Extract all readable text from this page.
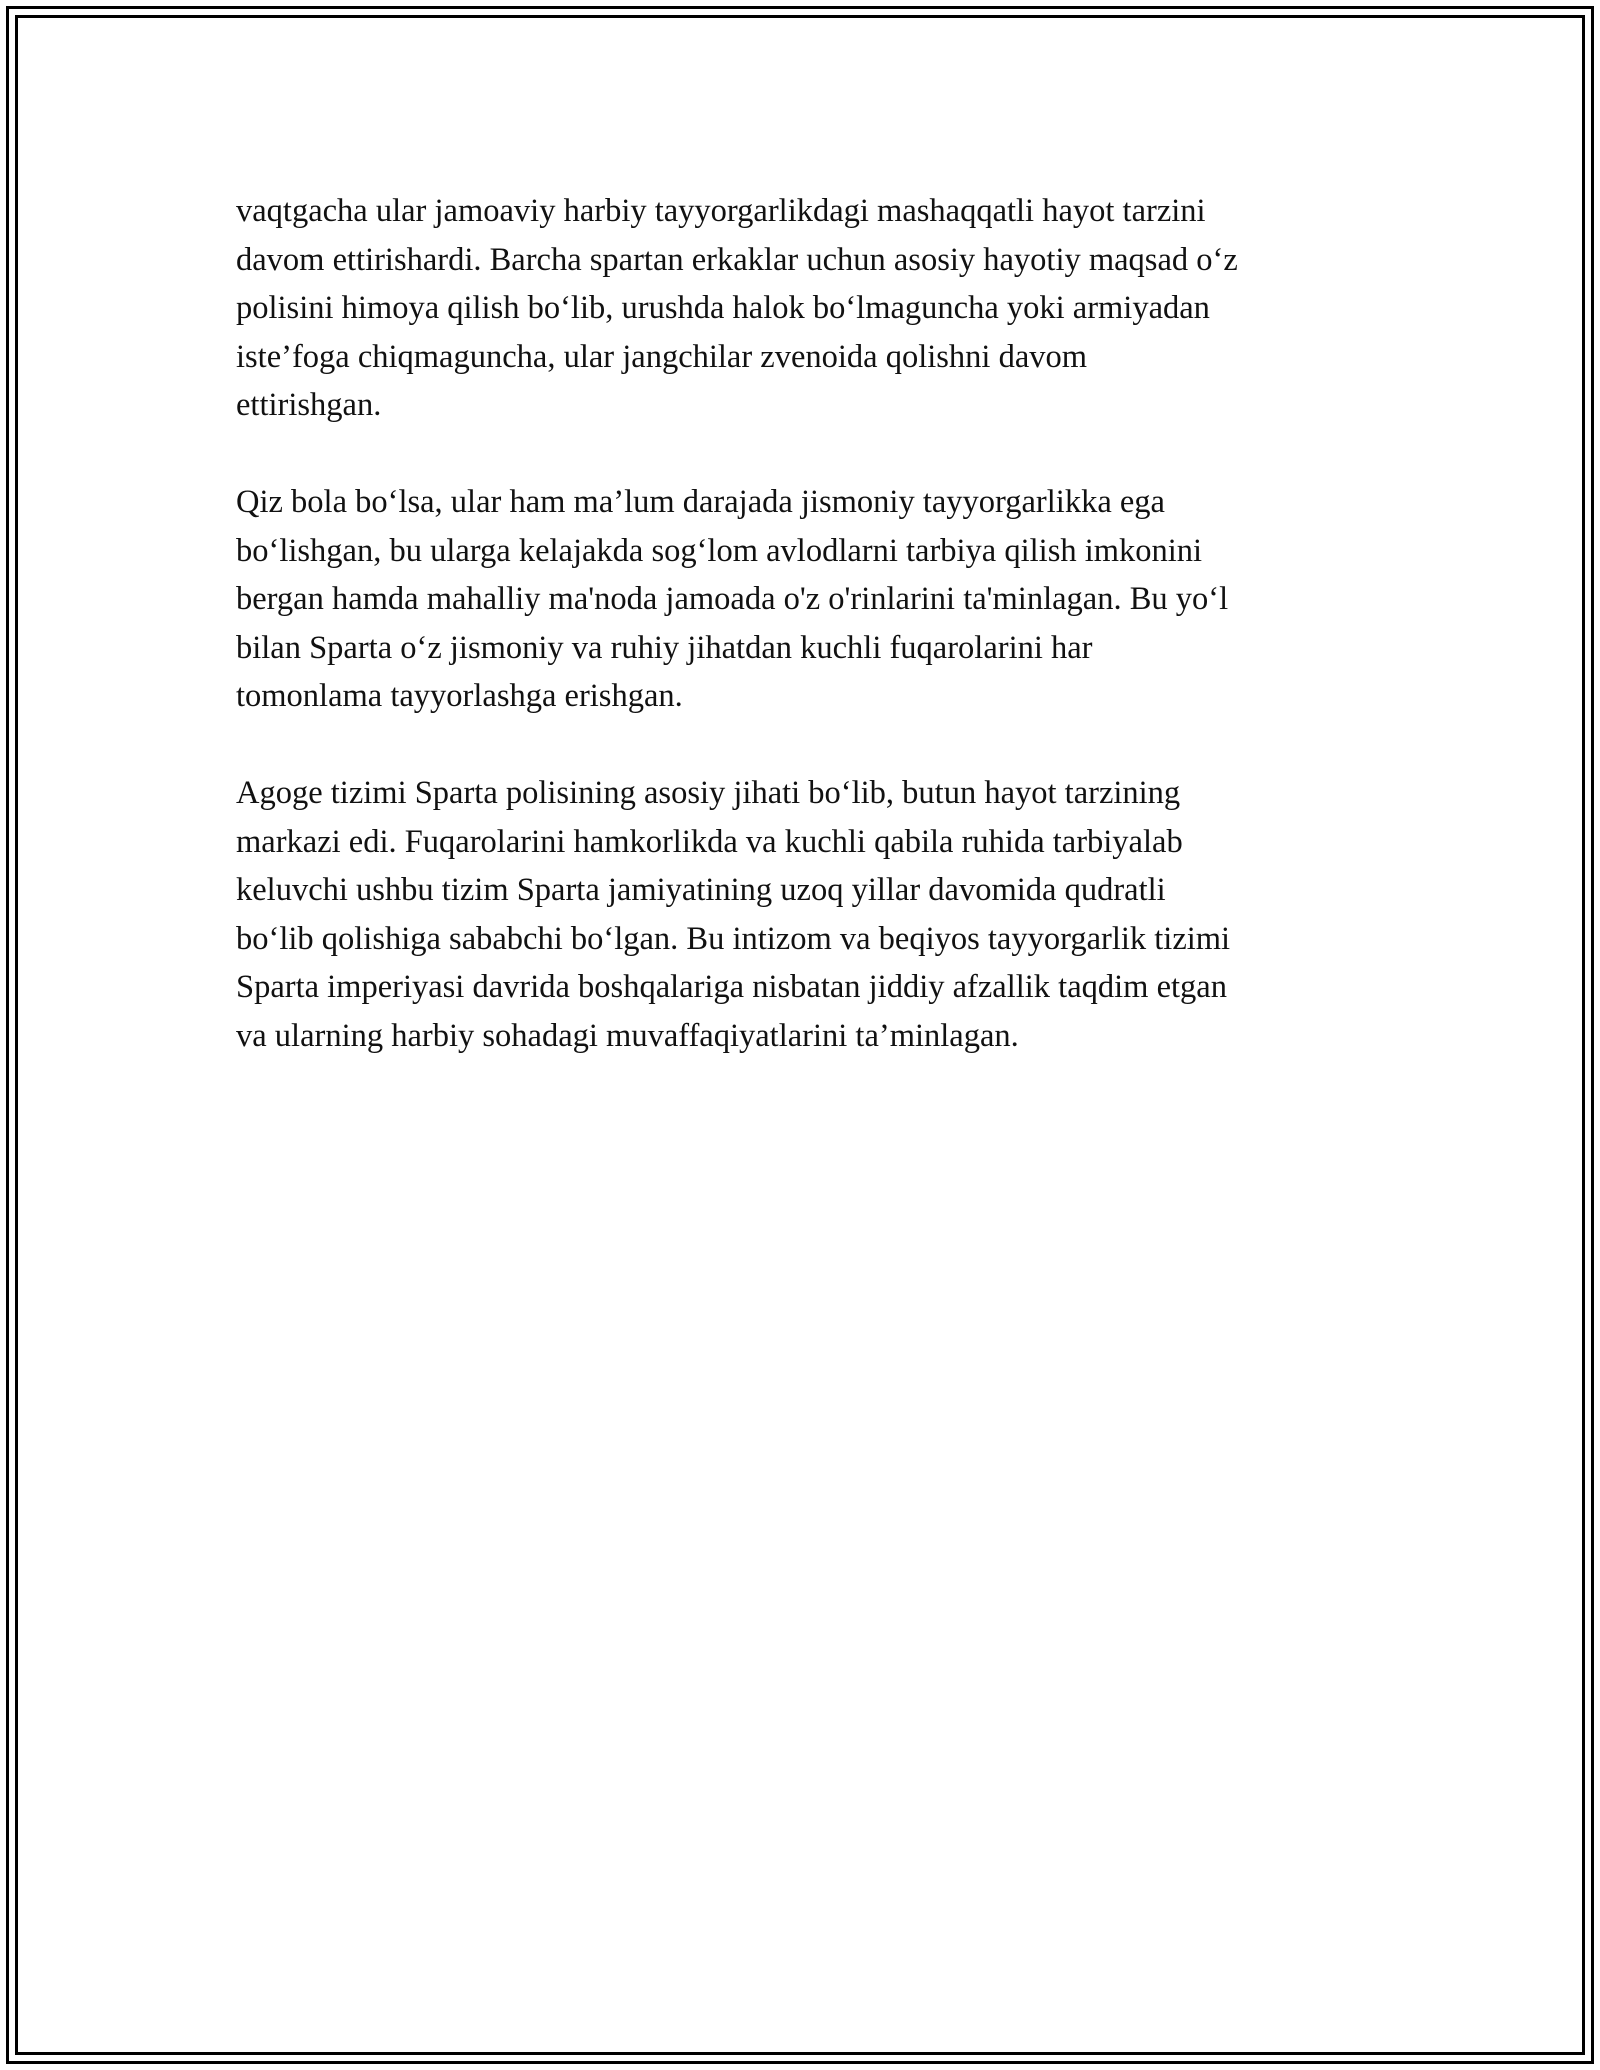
vaqtgacha ular jamoaviy harbiy tayyorgarlikdagi mashaqqatli hayot tarzini
davom ettirishardi. Barcha spartan erkaklar uchun asosiy hayotiy maqsad o‘z
polisini himoya qilish bo‘lib, urushda halok bo‘lmaguncha yoki armiyadan
iste’foga chiqmaguncha, ular jangchilar zvenoida qolishni davom
ettirishgan.

Qiz bola bo‘lsa, ular ham ma’lum darajada jismoniy tayyorgarlikka ega
bo‘lishgan, bu ularga kelajakda sog‘lom avlodlarni tarbiya qilish imkonini
bergan hamda mahalliy ma'noda jamoada o'z o'rinlarini ta'minlagan. Bu yo‘l
bilan Sparta o‘z jismoniy va ruhiy jihatdan kuchli fuqarolarini har
tomonlama tayyorlashga erishgan.

Agoge tizimi Sparta polisining asosiy jihati bo‘lib, butun hayot tarzining
markazi edi. Fuqarolarini hamkorlikda va kuchli qabila ruhida tarbiyalab
keluvchi ushbu tizim Sparta jamiyatining uzoq yillar davomida qudratli
bo‘lib qolishiga sababchi bo‘lgan. Bu intizom va beqiyos tayyorgarlik tizimi
Sparta imperiyasi davrida boshqalariga nisbatan jiddiy afzallik taqdim etgan
va ularning harbiy sohadagi muvaffaqiyatlarini ta’minlagan.
